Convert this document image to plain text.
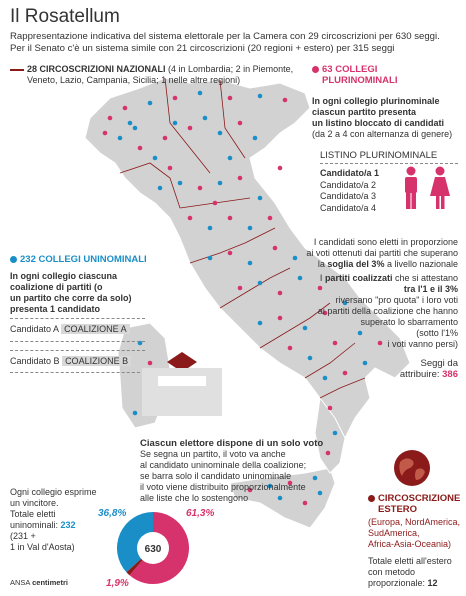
Il Rosatellum
Rappresentazione indicativa del sistema elettorale per la Camera con 29 circoscrizioni per 630 seggi.
Per il Senato c'è un sistema simile con 21 circoscrizioni (20 regioni + estero) per 315 seggi
28 CIRCOSCRIZIONI NAZIONALI (4 in Lombardia; 2 in Piemonte,
Veneto, Lazio, Campania, Sicilia; 1 nelle altre regioni)
63 COLLEGI
PLURINOMINALI
In ogni collegio plurinominale
ciascun partito presenta
un listino bloccato di candidati
(da 2 a 4 con alternanza di genere)
LISTINO PLURINOMINALE
Candidato/a 1
Candidato/a 2
Candidato/a 3
Candidato/a 4
I candidati sono eletti in proporzione
ai voti ottenuti dai partiti che superano
la soglia del 3% a livello nazionale
I partiti coalizzati che si attestano
tra l'1 e il 3%
riversano "pro quota" i loro voti
ai partiti della coalizione che hanno
superato lo sbarramento
(sotto l'1%
i voti vanno persi)
Seggi da
attribuire: 386
232 COLLEGI UNINOMINALI
In ogni collegio ciascuna
coalizione di partiti (o
un partito che corre da solo)
presenta 1 candidato
Candidato A COALIZIONE A
Candidato B COALIZIONE B
Ciascun elettore dispone di un solo voto
Se segna un partito, il voto va anche
al candidato uninominale della coalizione;
se barra solo il candidato uninominale
il voto viene distribuito proporzionalmente
alle liste che lo sostengono
Ogni collegio esprime
un vincitore.
Totale eletti
uninominali: 232
(231 +
1 in Val d'Aosta)	630
36,8%	61,3%
1,9%
CIRCOSCRIZIONE
ESTERO
(Europa, NordAmerica,
SudAmerica,
Africa-Asia-Oceania)
Totale eletti all'estero
con metodo
proporzionale: 12
ANSA centimetri
